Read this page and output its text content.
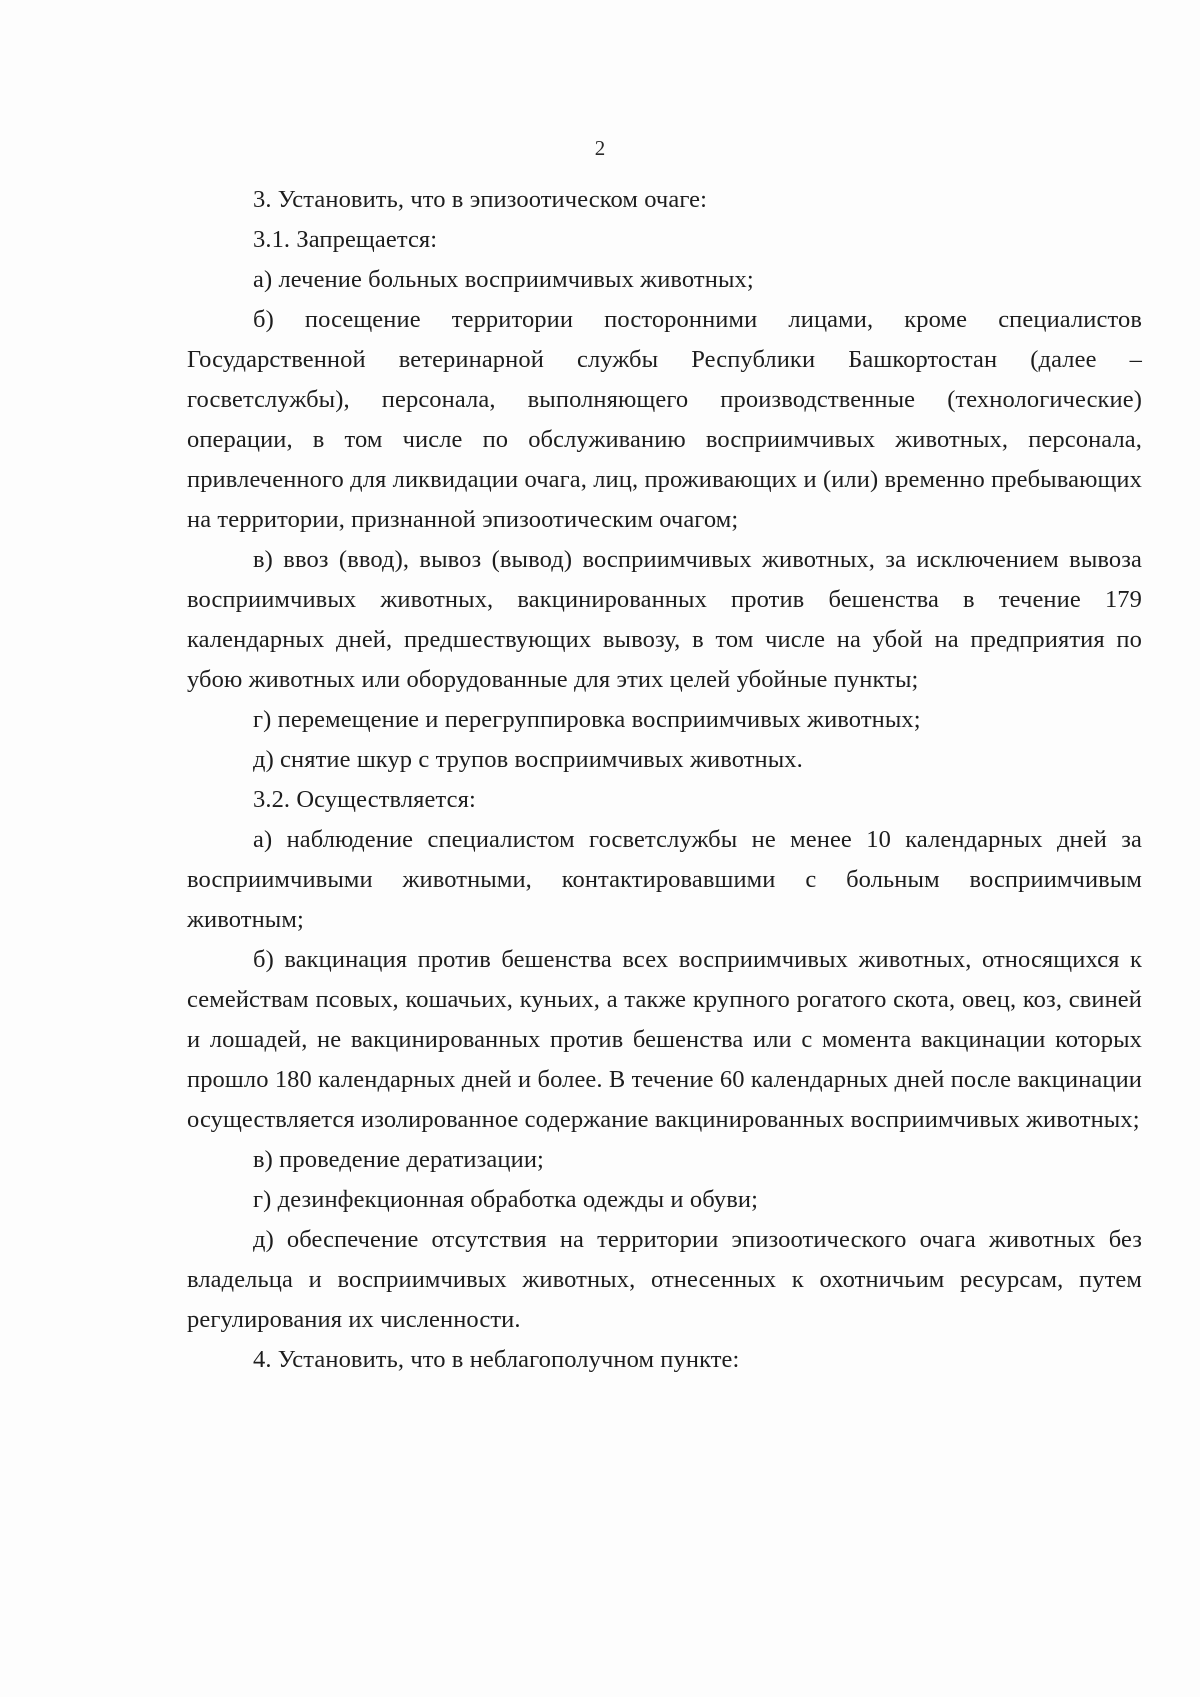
2

3. Установить, что в эпизоотическом очаге:

3.1. Запрещается:

а) лечение больных восприимчивых животных;

б) посещение территории посторонними лицами, кроме специалистов Государственной ветеринарной службы Республики Башкортостан (далее – госветслужбы), персонала, выполняющего производственные (технологические) операции, в том числе по обслуживанию восприимчивых животных, персонала, привлеченного для ликвидации очага, лиц, проживающих и (или) временно пребывающих на территории, признанной эпизоотическим очагом;

в) ввоз (ввод), вывоз (вывод) восприимчивых животных, за исключением вывоза восприимчивых животных, вакцинированных против бешенства в течение 179 календарных дней, предшествующих вывозу, в том числе на убой на предприятия по убою животных или оборудованные для этих целей убойные пункты;

г) перемещение и перегруппировка восприимчивых животных;

д) снятие шкур с трупов восприимчивых животных.

3.2. Осуществляется:

а) наблюдение специалистом госветслужбы не менее 10 календарных дней за восприимчивыми животными, контактировавшими с больным восприимчивым животным;

б) вакцинация против бешенства всех восприимчивых животных, относящихся к семействам псовых, кошачьих, куньих, а также крупного рогатого скота, овец, коз, свиней и лошадей, не вакцинированных против бешенства или с момента вакцинации которых прошло 180 календарных дней и более. В течение 60 календарных дней после вакцинации осуществляется изолированное содержание вакцинированных восприимчивых животных;

в) проведение дератизации;

г) дезинфекционная обработка одежды и обуви;

д) обеспечение отсутствия на территории эпизоотического очага животных без владельца и восприимчивых животных, отнесенных к охотничьим ресурсам, путем регулирования их численности.

4. Установить, что в неблагополучном пункте:
